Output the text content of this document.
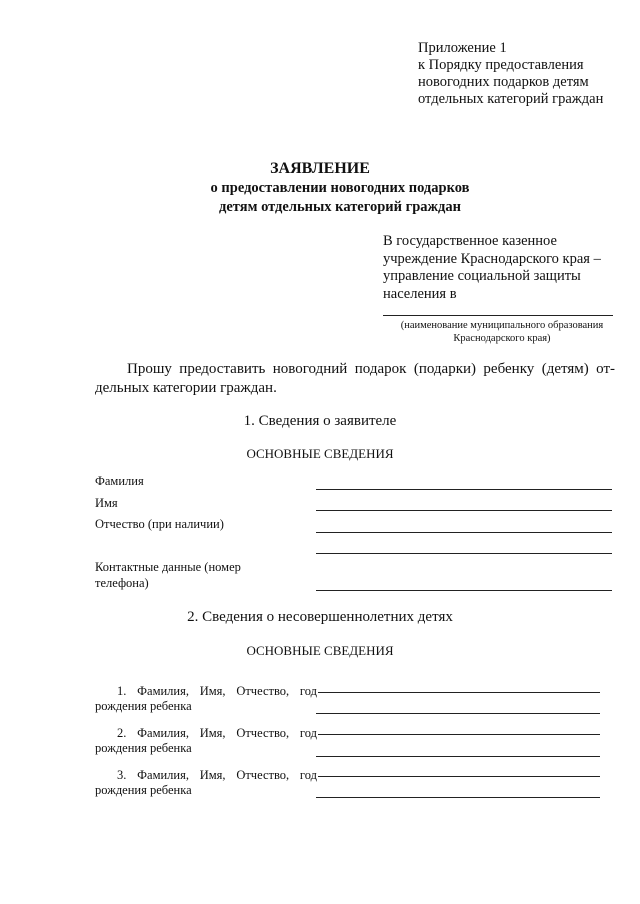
Приложение 1
к Порядку предоставления
новогодних подарков детям
отдельных категорий граждан
ЗАЯВЛЕНИЕ
о предоставлении новогодних подарков
детям отдельных категорий граждан
В государственное казенное
учреждение Краснодарского края –
управление социальной защиты
населения в
(наименование муниципального образования
Краснодарского края)
Прошу предоставить новогодний подарок (подарки) ребенку (детям) от-
дельных категории граждан.
1. Сведения о заявителе
ОСНОВНЫЕ СВЕДЕНИЯ
Фамилия
Имя
Отчество (при наличии)
Контактные данные (номер
телефона)
2. Сведения о несовершеннолетних детях
ОСНОВНЫЕ СВЕДЕНИЯ
1. Фамилия, Имя, Отчество, год
рождения ребенка
2. Фамилия, Имя, Отчество, год
рождения ребенка
3. Фамилия, Имя, Отчество, год
рождения ребенка
